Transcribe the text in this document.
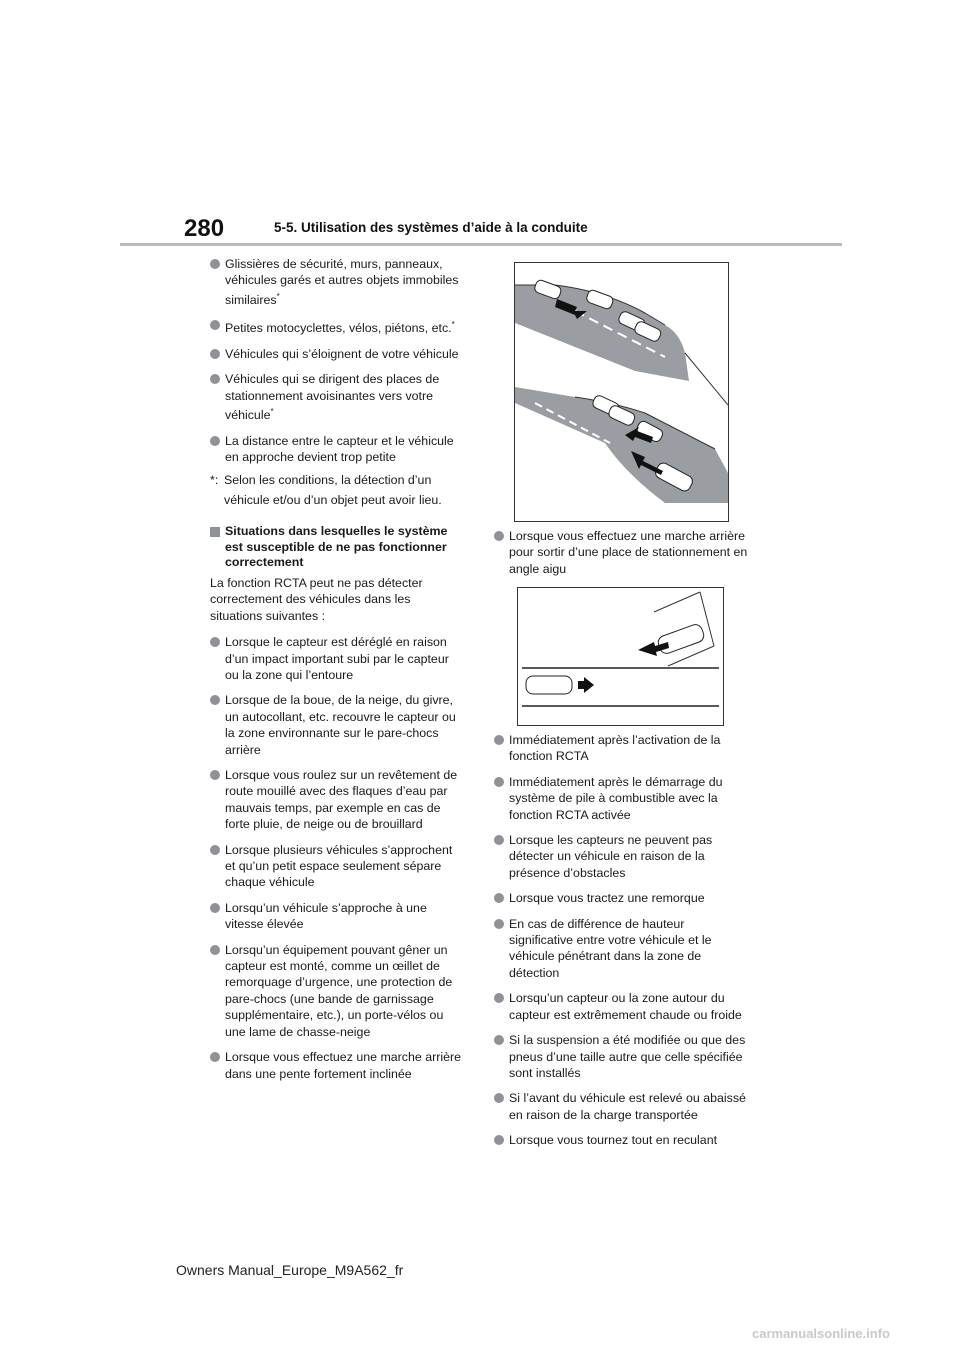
280	5-5. Utilisation des systèmes d’aide à la conduite
Glissières de sécurité, murs, panneaux, véhicules garés et autres objets immobiles similaires*
Petites motocyclettes, vélos, piétons, etc.*
Véhicules qui s’éloignent de votre véhicule
Véhicules qui se dirigent des places de stationnement avoisinantes vers votre véhicule*
La distance entre le capteur et le véhicule en approche devient trop petite
*: Selon les conditions, la détection d’un véhicule et/ou d’un objet peut avoir lieu.
Situations dans lesquelles le système est susceptible de ne pas fonctionner correctement
La fonction RCTA peut ne pas détecter correctement des véhicules dans les situations suivantes :
Lorsque le capteur est déréglé en raison d’un impact important subi par le capteur ou la zone qui l’entoure
Lorsque de la boue, de la neige, du givre, un autocollant, etc. recouvre le capteur ou la zone environnante sur le pare-chocs arrière
Lorsque vous roulez sur un revêtement de route mouillé avec des flaques d’eau par mauvais temps, par exemple en cas de forte pluie, de neige ou de brouillard
Lorsque plusieurs véhicules s’approchent et qu’un petit espace seulement sépare chaque véhicule
Lorsqu’un véhicule s’approche à une vitesse élevée
Lorsqu’un équipement pouvant gêner un capteur est monté, comme un œillet de remorquage d’urgence, une protection de pare-chocs (une bande de garnissage supplémentaire, etc.), un porte-vélos ou une lame de chasse-neige
Lorsque vous effectuez une marche arrière dans une pente fortement inclinée
Lorsque vous effectuez une marche arrière pour sortir d’une place de stationnement en angle aigu
Immédiatement après l’activation de la fonction RCTA
Immédiatement après le démarrage du système de pile à combustible avec la fonction RCTA activée
Lorsque les capteurs ne peuvent pas détecter un véhicule en raison de la présence d’obstacles
Lorsque vous tractez une remorque
En cas de différence de hauteur significative entre votre véhicule et le véhicule pénétrant dans la zone de détection
Lorsqu’un capteur ou la zone autour du capteur est extrêmement chaude ou froide
Si la suspension a été modifiée ou que des pneus d’une taille autre que celle spécifiée sont installés
Si l’avant du véhicule est relevé ou abaissé en raison de la charge transportée
Lorsque vous tournez tout en reculant
Owners Manual_Europe_M9A562_fr
carmanualsonline.info
